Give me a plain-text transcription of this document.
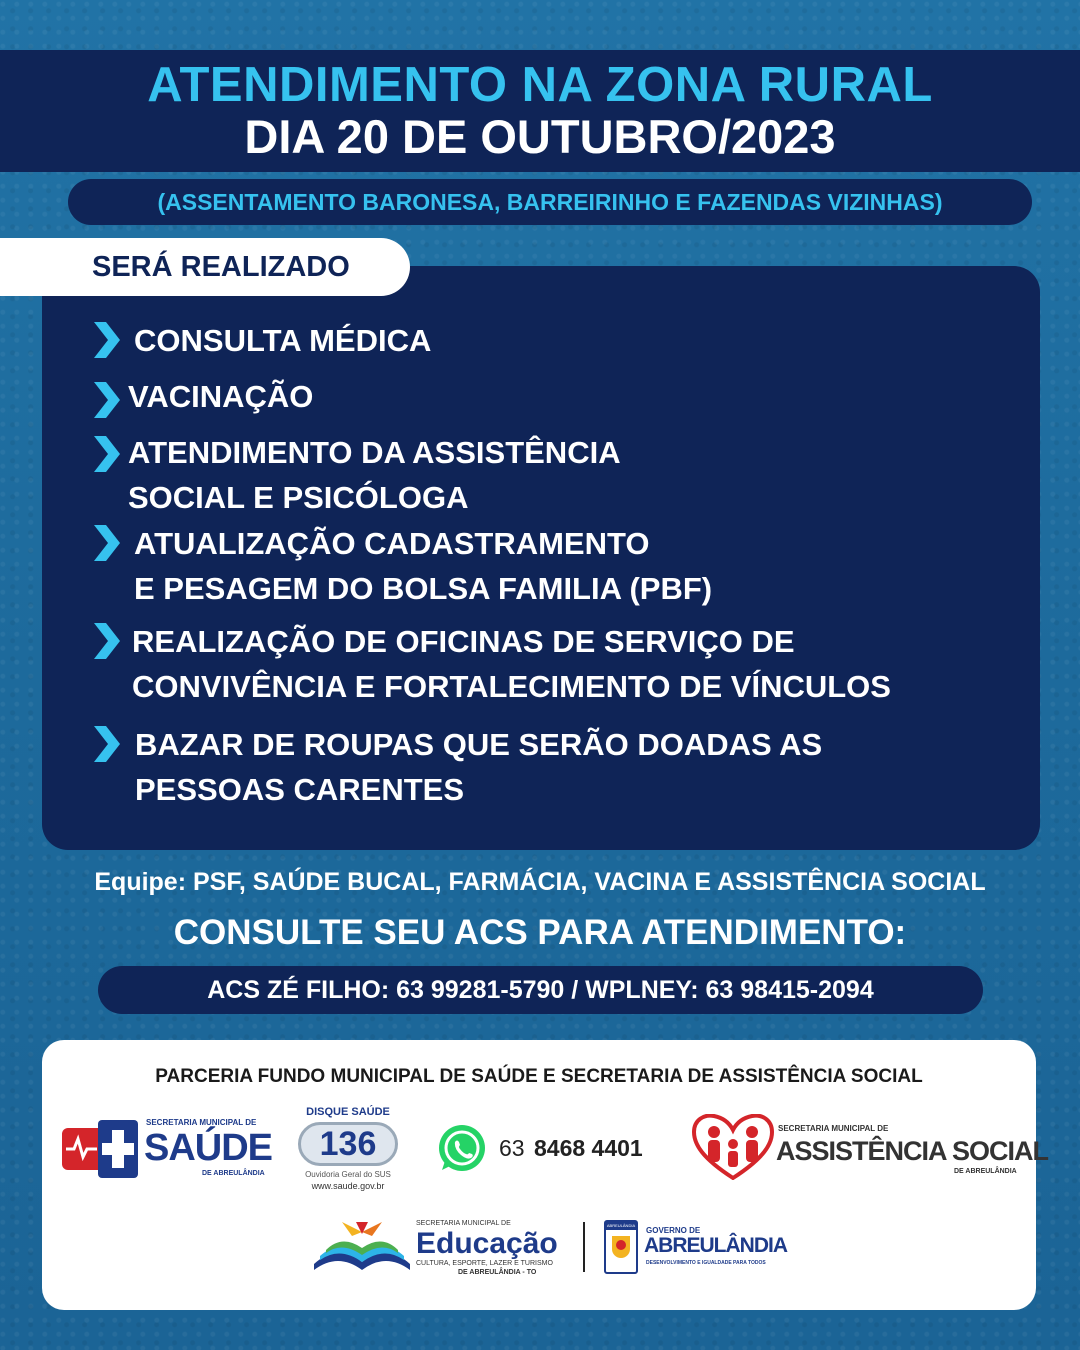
ATENDIMENTO NA ZONA RURAL
DIA 20 DE OUTUBRO/2023
(ASSENTAMENTO BARONESA, BARREIRINHO E FAZENDAS VIZINHAS)
SERÁ REALIZADO
CONSULTA MÉDICA
VACINAÇÃO
ATENDIMENTO DA ASSISTÊNCIA
SOCIAL E PSICÓLOGA
ATUALIZAÇÃO CADASTRAMENTO
E PESAGEM DO BOLSA FAMILIA (PBF)
REALIZAÇÃO DE OFICINAS DE SERVIÇO DE
CONVIVÊNCIA E FORTALECIMENTO DE VÍNCULOS
BAZAR DE ROUPAS QUE SERÃO DOADAS AS
PESSOAS CARENTES
Equipe: PSF, SAÚDE BUCAL, FARMÁCIA, VACINA E ASSISTÊNCIA SOCIAL
CONSULTE SEU ACS PARA ATENDIMENTO:
ACS ZÉ FILHO: 63 99281-5790 / WPLNEY: 63 98415-2094
PARCERIA FUNDO MUNICIPAL DE SAÚDE E SECRETARIA DE ASSISTÊNCIA SOCIAL
SECRETARIA MUNICIPAL DE
SAÚDE
DE ABREULÂNDIA
DISQUE SAÚDE
136
Ouvidoria Geral do SUS
www.saude.gov.br
63 8468 4401
SECRETARIA MUNICIPAL DE
ASSISTÊNCIA SOCIAL
DE ABREULÂNDIA
SECRETARIA MUNICIPAL DE
Educação
CULTURA, ESPORTE, LAZER E TURISMO
DE ABREULÂNDIA - TO
ABREULÂNDIA
GOVERNO DE
ABREULÂNDIA
DESENVOLVIMENTO E IGUALDADE PARA TODOS
